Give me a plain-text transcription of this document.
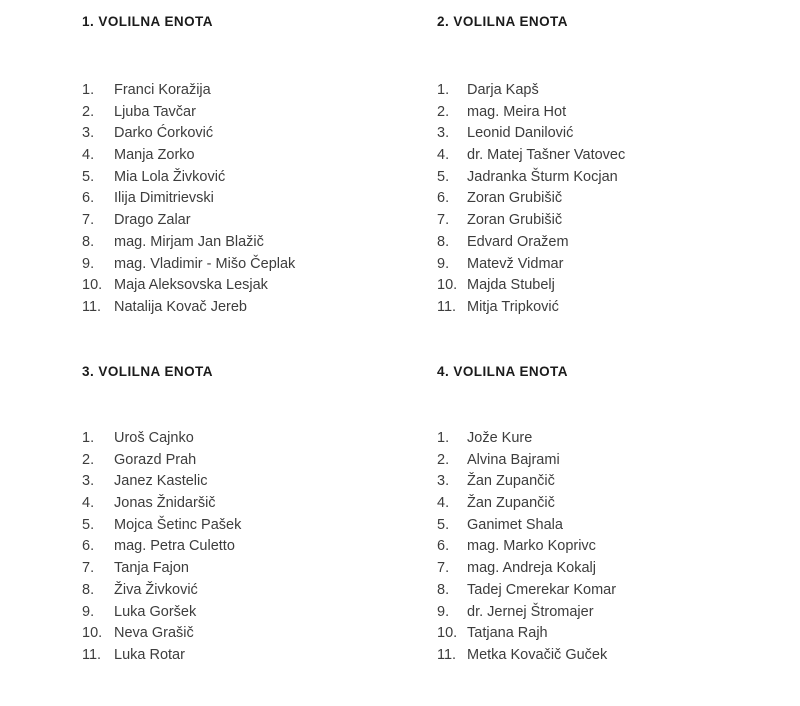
1. VOLILNA ENOTA
1.	Franci Koražija
2.	Ljuba Tavčar
3.	Darko Ćorković
4.	Manja Zorko
5.	Mia Lola Živković
6.	Ilija Dimitrievski
7.	Drago Zalar
8.	mag. Mirjam Jan Blažič
9.	mag. Vladimir - Mišo Čeplak
10. Maja Aleksovska Lesjak
11. Natalija Kovač Jereb
2. VOLILNA ENOTA
1.	Darja Kapš
2.	mag. Meira Hot
3.	Leonid Danilović
4.	dr. Matej Tašner Vatovec
5.	Jadranka Šturm Kocjan
6.	Zoran Grubišič
7.	Zoran Grubišič
8.	Edvard Oražem
9.	Matevž Vidmar
10. Majda Stubelj
11. Mitja Tripković
3. VOLILNA ENOTA
1.	Uroš Cajnko
2.	Gorazd Prah
3.	Janez Kastelic
4.	Jonas Žnidaršič
5.	Mojca Šetinc Pašek
6.	mag. Petra Culetto
7.	Tanja Fajon
8.	Živa Živković
9.	Luka Goršek
10. Neva Grašič
11. Luka Rotar
4. VOLILNA ENOTA
1.	Jože Kure
2.	Alvina Bajrami
3.	Žan Zupančič
4.	Žan Zupančič
5.	Ganimet Shala
6.	mag. Marko Koprivc
7.	mag. Andreja Kokalj
8.	Tadej Cmerekar Komar
9.	dr. Jernej Štromajer
10. Tatjana Rajh
11. Metka Kovačič Guček
